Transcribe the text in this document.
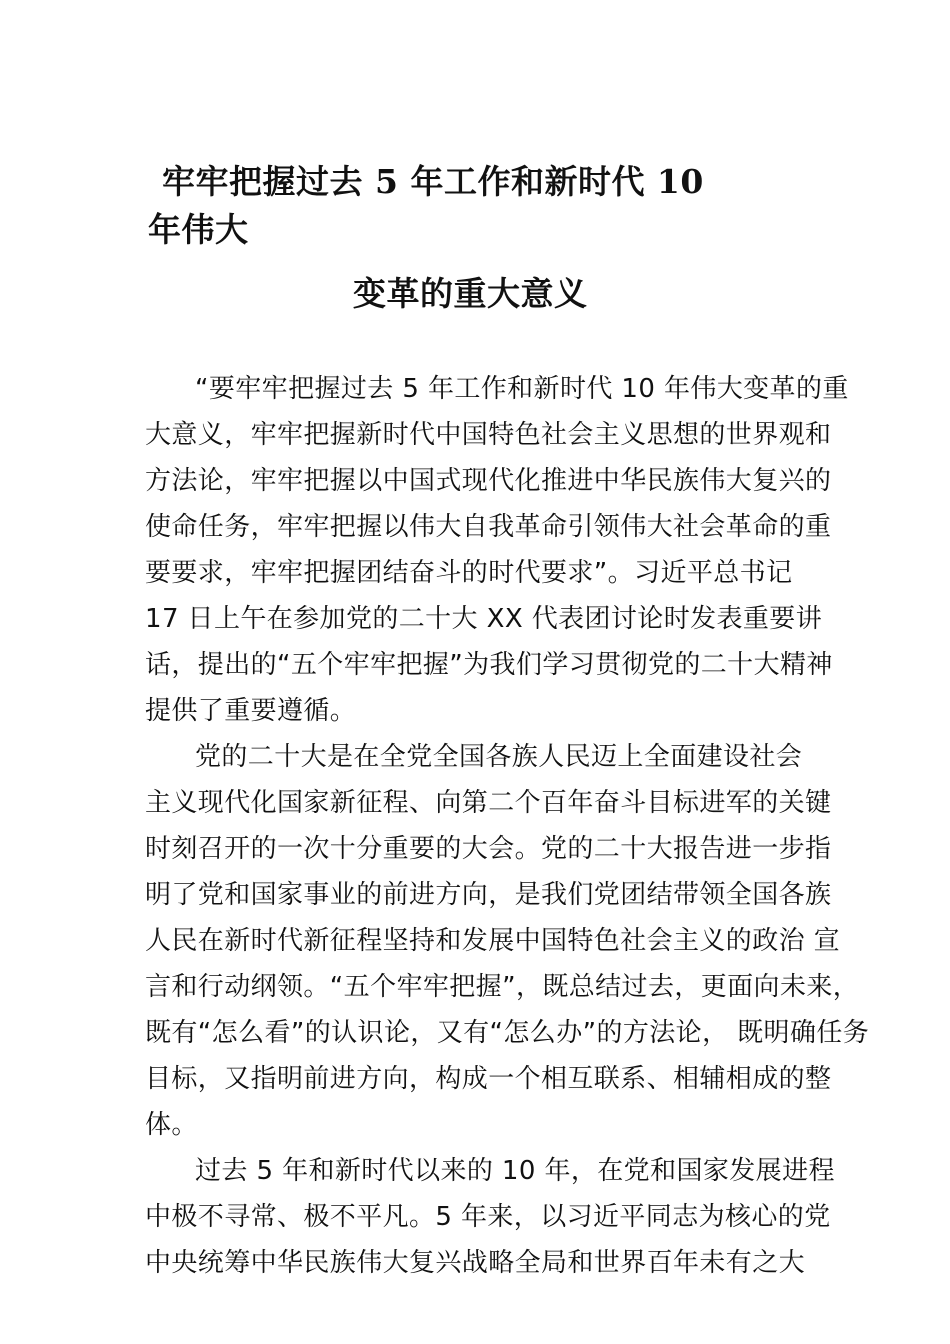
牢牢把握过去 5 年工作和新时代 10
年伟大
变革的重大意义
“要牢牢把握过去 5 年工作和新时代 10 年伟大变革的重
大意义，牢牢把握新时代中国特色社会主义思想的世界观和
方法论，牢牢把握以中国式现代化推进中华民族伟大复兴的
使命任务，牢牢把握以伟大自我革命引领伟大社会革命的重
要要求，牢牢把握团结奋斗的时代要求”。习近平总书记
17 日上午在参加党的二十大 XX 代表团讨论时发表重要讲
话，提出的“五个牢牢把握”为我们学习贯彻党的二十大精神
提供了重要遵循。
党的二十大是在全党全国各族人民迈上全面建设社会
主义现代化国家新征程、向第二个百年奋斗目标进军的关键
时刻召开的一次十分重要的大会。党的二十大报告进一步指
明了党和国家事业的前进方向，是我们党团结带领全国各族
人民在新时代新征程坚持和发展中国特色社会主义的政治 宣
言和行动纲领。“五个牢牢把握”，既总结过去，更面向未来，
既有“怎么看”的认识论，又有“怎么办”的方法论， 既明确任务
目标，又指明前进方向，构成一个相互联系、相辅相成的整
体。
过去 5 年和新时代以来的 10 年，在党和国家发展进程
中极不寻常、极不平凡。5 年来，以习近平同志为核心的党
中央统筹中华民族伟大复兴战略全局和世界百年未有之大
